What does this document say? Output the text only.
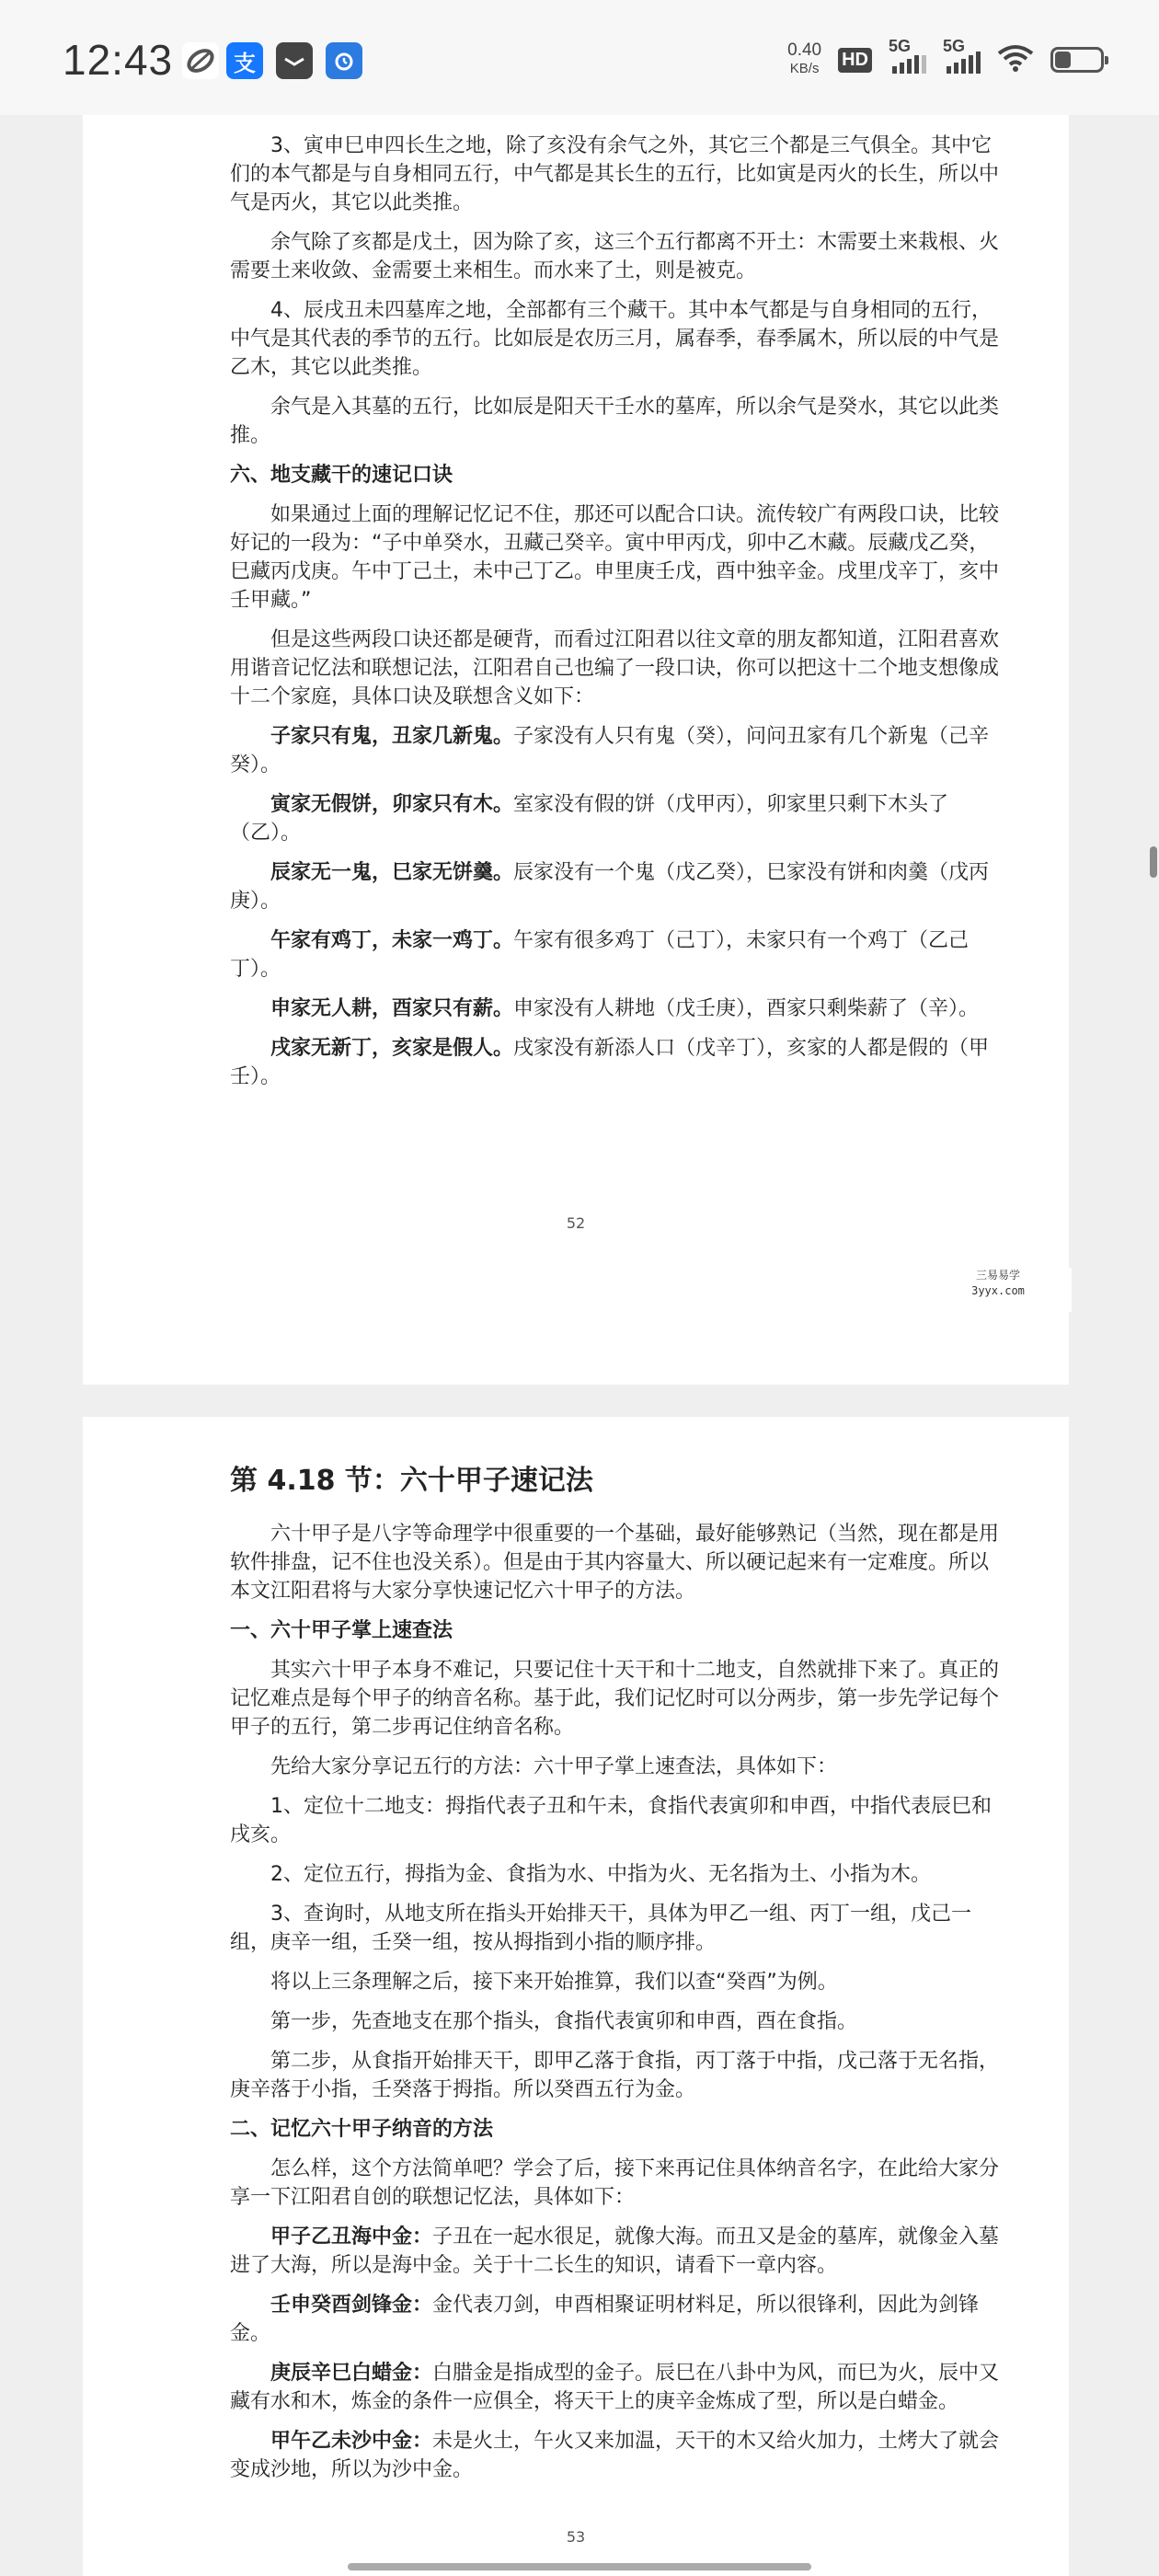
12:43	支	0.40
KB/s HD
5G 5G

3、寅申巳申四长生之地，除了亥没有余气之外，其它三个都是三气俱全。其中它们的本气都是与自身相同五行，中气都是其长生的五行，比如寅是丙火的长生，所以中气是丙火，其它以此类推。

余气除了亥都是戊土，因为除了亥，这三个五行都离不开土：木需要土来栽根、火需要土来收敛、金需要土来相生。而水来了土，则是被克。

4、辰戌丑未四墓库之地，全部都有三个藏干。其中本气都是与自身相同的五行，中气是其代表的季节的五行。比如辰是农历三月，属春季，春季属木，所以辰的中气是乙木，其它以此类推。

余气是入其墓的五行，比如辰是阳天干壬水的墓库，所以余气是癸水，其它以此类推。

六、地支藏干的速记口诀

如果通过上面的理解记忆记不住，那还可以配合口诀。流传较广有两段口诀，比较好记的一段为：“子中单癸水，丑藏己癸辛。寅中甲丙戊，卯中乙木藏。辰藏戊乙癸，巳藏丙戊庚。午中丁己土，未中己丁乙。申里庚壬戊，酉中独辛金。戌里戊辛丁，亥中壬甲藏。”

但是这些两段口诀还都是硬背，而看过江阳君以往文章的朋友都知道，江阳君喜欢用谐音记忆法和联想记法，江阳君自己也编了一段口诀，你可以把这十二个地支想像成十二个家庭，具体口诀及联想含义如下：

子家只有鬼，丑家几新鬼。子家没有人只有鬼（癸），问问丑家有几个新鬼（己辛癸）。

寅家无假饼，卯家只有木。室家没有假的饼（戊甲丙），卯家里只剩下木头了（乙）。

辰家无一鬼，巳家无饼羹。辰家没有一个鬼（戊乙癸），巳家没有饼和肉羹（戊丙庚）。

午家有鸡丁，未家一鸡丁。午家有很多鸡丁（己丁），未家只有一个鸡丁（乙己丁）。

申家无人耕，酉家只有薪。申家没有人耕地（戊壬庚），酉家只剩柴薪了（辛）。

戌家无新丁，亥家是假人。戌家没有新添人口（戊辛丁），亥家的人都是假的（甲壬）。

52
三易易学
3yyx.com
第 4.18 节：六十甲子速记法

六十甲子是八字等命理学中很重要的一个基础，最好能够熟记（当然，现在都是用软件排盘，记不住也没关系）。但是由于其内容量大、所以硬记起来有一定难度。所以本文江阳君将与大家分享快速记忆六十甲子的方法。

一、六十甲子掌上速查法

其实六十甲子本身不难记，只要记住十天干和十二地支，自然就排下来了。真正的记忆难点是每个甲子的纳音名称。基于此，我们记忆时可以分两步，第一步先学记每个甲子的五行，第二步再记住纳音名称。

先给大家分享记五行的方法：六十甲子掌上速查法，具体如下：

1、定位十二地支：拇指代表子丑和午未，食指代表寅卯和申酉，中指代表辰巳和戌亥。

2、定位五行，拇指为金、食指为水、中指为火、无名指为土、小指为木。

3、查询时，从地支所在指头开始排天干，具体为甲乙一组、丙丁一组，戊己一组，庚辛一组，壬癸一组，按从拇指到小指的顺序排。

将以上三条理解之后，接下来开始推算，我们以查“癸酉”为例。

第一步，先查地支在那个指头，食指代表寅卯和申酉，酉在食指。

第二步，从食指开始排天干，即甲乙落于食指，丙丁落于中指，戊己落于无名指，庚辛落于小指，壬癸落于拇指。所以癸酉五行为金。

二、记忆六十甲子纳音的方法

怎么样，这个方法简单吧？学会了后，接下来再记住具体纳音名字，在此给大家分享一下江阳君自创的联想记忆法，具体如下：

甲子乙丑海中金：子丑在一起水很足，就像大海。而丑又是金的墓库，就像金入墓进了大海，所以是海中金。关于十二长生的知识，请看下一章内容。

壬申癸酉剑锋金：金代表刀剑，申酉相聚证明材料足，所以很锋利，因此为剑锋金。

庚辰辛巳白蜡金：白腊金是指成型的金子。辰巳在八卦中为风，而巳为火，辰中又藏有水和木，炼金的条件一应俱全，将天干上的庚辛金炼成了型，所以是白蜡金。

甲午乙未沙中金：未是火土，午火又来加温，天干的木又给火加力，土烤大了就会变成沙地，所以为沙中金。

53
